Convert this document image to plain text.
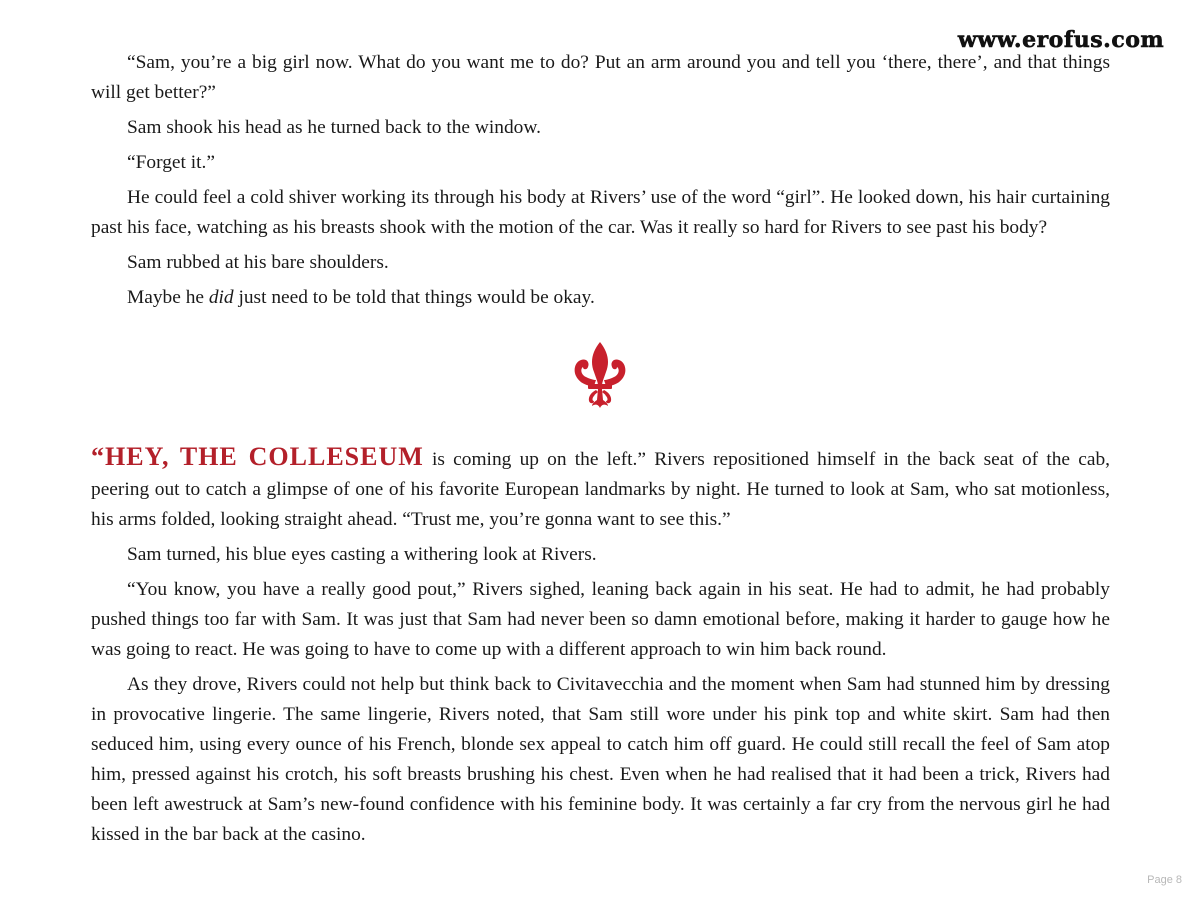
www.erofus.com

“Sam, you’re a big girl now. What do you want me to do? Put an arm around you and tell you ‘there, there’, and that things will get better?”

Sam shook his head as he turned back to the window.

“Forget it.”

He could feel a cold shiver working its through his body at Rivers’ use of the word “girl”. He looked down, his hair curtaining past his face, watching as his breasts shook with the motion of the car. Was it really so hard for Rivers to see past his body?

Sam rubbed at his bare shoulders.

Maybe he did just need to be told that things would be okay.

“HEY, THE COLLESEUM is coming up on the left.” Rivers repositioned himself in the back seat of the cab, peering out to catch a glimpse of one of his favorite European landmarks by night. He turned to look at Sam, who sat motionless, his arms folded, looking straight ahead. “Trust me, you’re gonna want to see this.”

Sam turned, his blue eyes casting a withering look at Rivers.

“You know, you have a really good pout,” Rivers sighed, leaning back again in his seat. He had to admit, he had probably pushed things too far with Sam. It was just that Sam had never been so damn emotional before, making it harder to gauge how he was going to react. He was going to have to come up with a different approach to win him back round.

As they drove, Rivers could not help but think back to Civitavecchia and the moment when Sam had stunned him by dressing in provocative lingerie. The same lingerie, Rivers noted, that Sam still wore under his pink top and white skirt. Sam had then seduced him, using every ounce of his French, blonde sex appeal to catch him off guard. He could still recall the feel of Sam atop him, pressed against his crotch, his soft breasts brushing his chest. Even when he had realised that it had been a trick, Rivers had been left awestruck at Sam’s new-found confidence with his feminine body. It was certainly a far cry from the nervous girl he had kissed in the bar back at the casino.

Page 8
